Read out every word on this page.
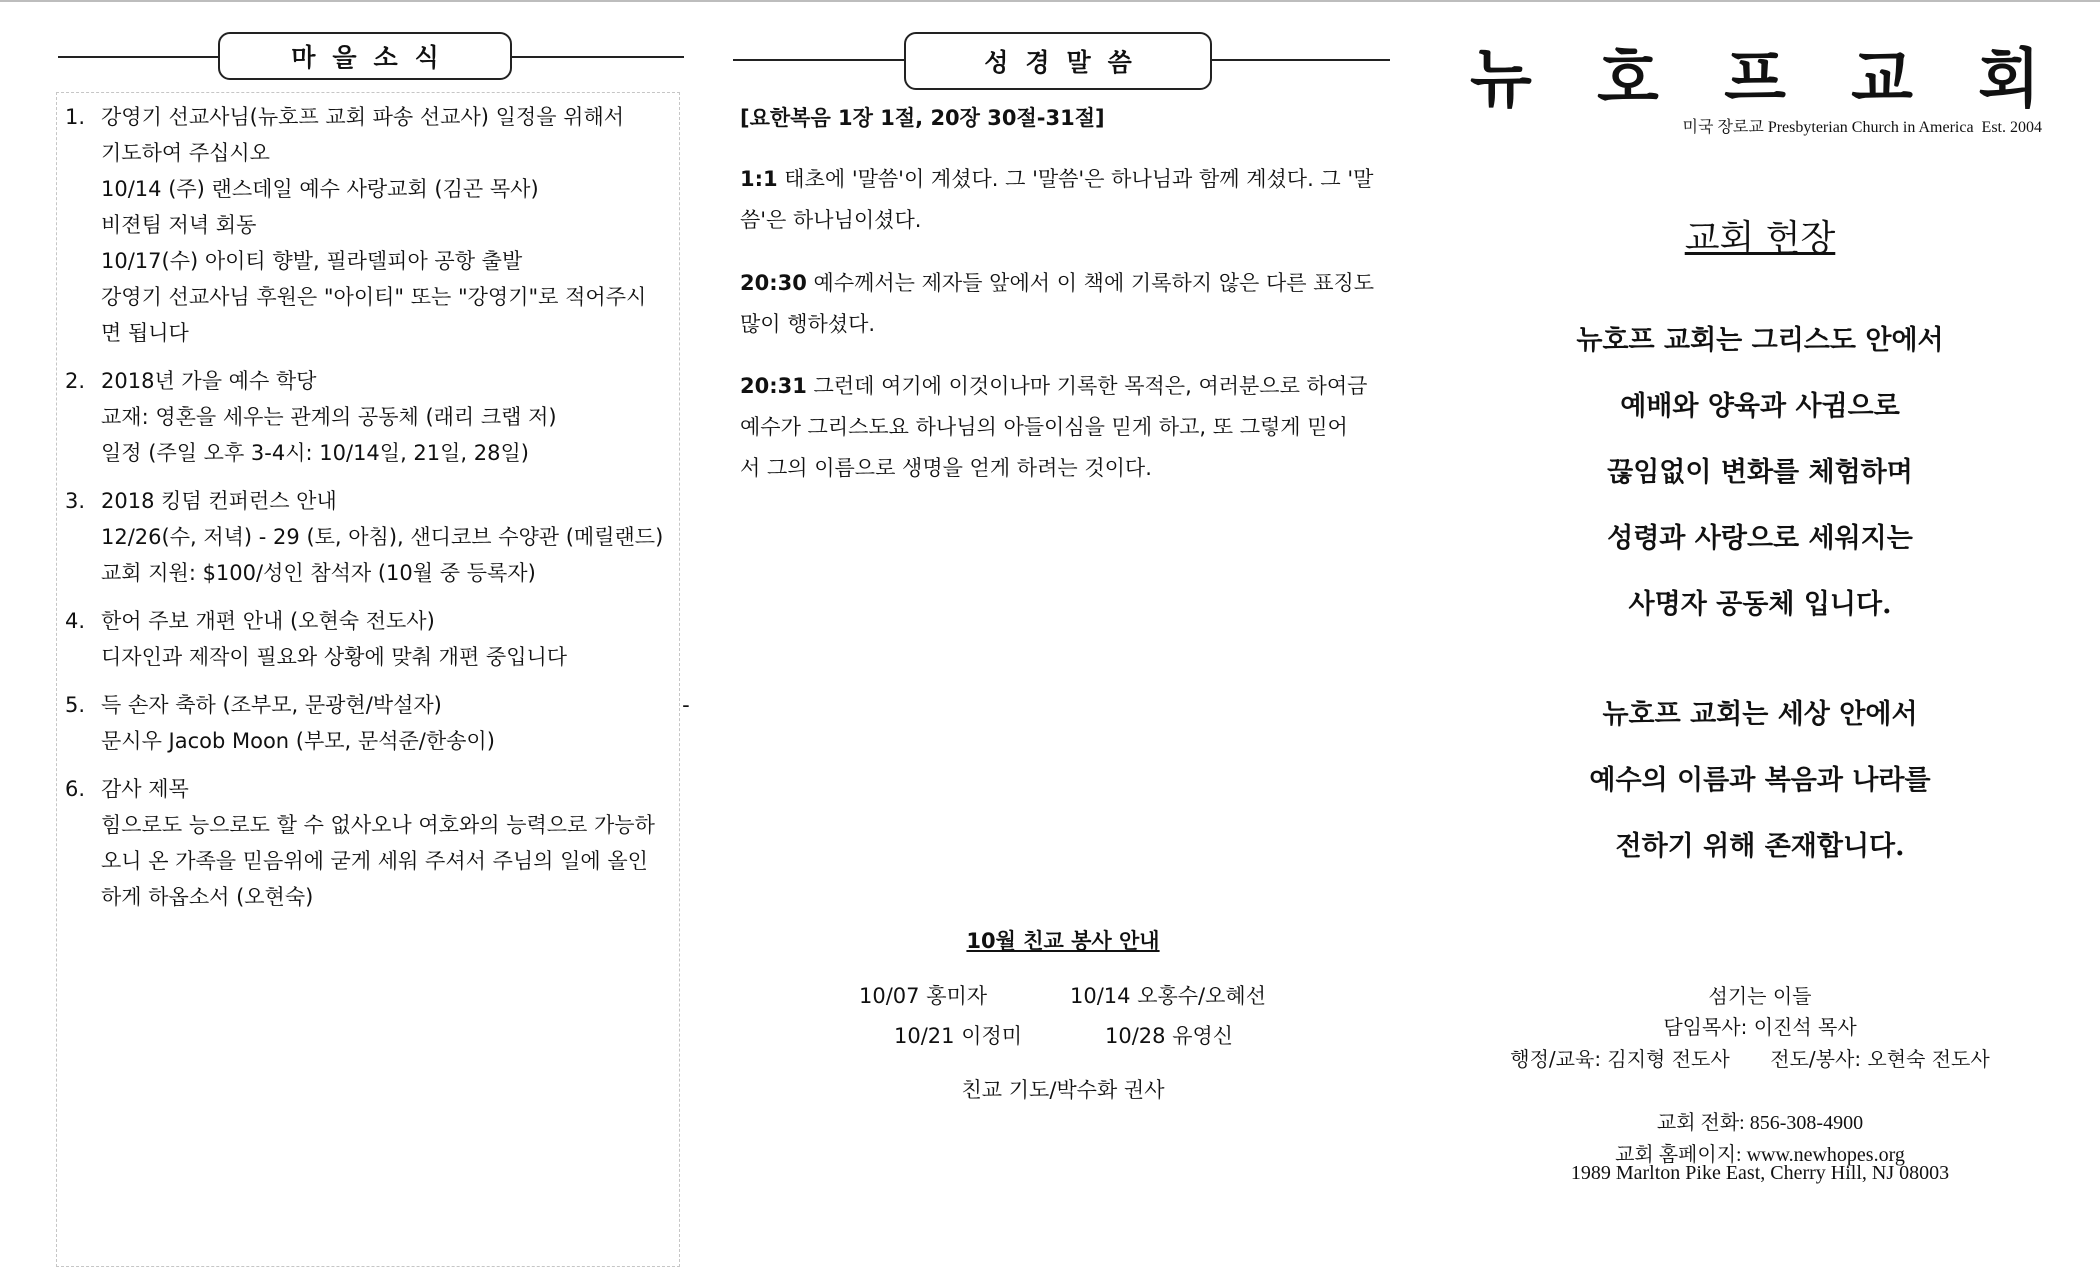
마을소식
1. 강영기 선교사님(뉴호프 교회 파송 선교사) 일정을 위해서
기도하여 주십시오
10/14 (주) 랜스데일 예수 사랑교회 (김곤 목사)
비젼팀 저녁 회동
10/17(수) 아이티 향발, 필라델피아 공항 출발
강영기 선교사님 후원은 "아이티" 또는 "강영기"로 적어주시
면 됩니다
2. 2018년 가을 예수 학당
교재: 영혼을 세우는 관계의 공동체 (래리 크랩 저)
일정 (주일 오후 3-4시: 10/14일, 21일, 28일)
3. 2018 킹덤 컨퍼런스 안내
12/26(수, 저녁) - 29 (토, 아침), 샌디코브 수양관 (메릴랜드)
교회 지원: $100/성인 참석자 (10월 중 등록자)
4. 한어 주보 개편 안내 (오현숙 전도사)
디자인과 제작이 필요와 상황에 맞춰 개편 중입니다
5. 득 손자 축하 (조부모, 문광현/박설자)                                    -
문시우 Jacob Moon (부모, 문석준/한송이)
6. 감사 제목
힘으로도 능으로도 할 수 없사오나 여호와의 능력으로 가능하
오니 온 가족을 믿음위에 굳게 세워 주셔서 주님의 일에 올인
하게 하옵소서 (오현숙)
성경말씀
[요한복음 1장 1절, 20장 30절-31절]
1:1 태초에 '말씀'이 계셨다. 그 '말씀'은 하나님과 함께 계셨다. 그 '말
씀'은 하나님이셨다.
20:30 예수께서는 제자들 앞에서 이 책에 기록하지 않은 다른 표징도
많이 행하셨다.
20:31 그런데 여기에 이것이나마 기록한 목적은, 여러분으로 하여금
예수가 그리스도요 하나님의 아들이심을 믿게 하고, 또 그렇게 믿어
서 그의 이름으로 생명을 얻게 하려는 것이다.
10월 친교 봉사 안내
10/07 홍미자	10/14 오홍수/오혜선
10/21 이정미	10/28 유영신
친교 기도/박수화 권사
뉴 호 프 교 회
미국 장로교 Presbyterian Church in America  Est. 2004
교회 헌장
뉴호프 교회는 그리스도 안에서
예배와 양육과 사귐으로
끊임없이 변화를 체험하며
성령과 사랑으로 세워지는
사명자 공동체 입니다.
뉴호프 교회는 세상 안에서
예수의 이름과 복음과 나라를
전하기 위해 존재합니다.
섬기는 이들
담임목사: 이진석 목사
행정/교육: 김지형 전도사	전도/봉사: 오현숙 전도사
교회 전화: 856-308-4900
교회 홈페이지: www.newhopes.org
1989 Marlton Pike East, Cherry Hill, NJ 08003
